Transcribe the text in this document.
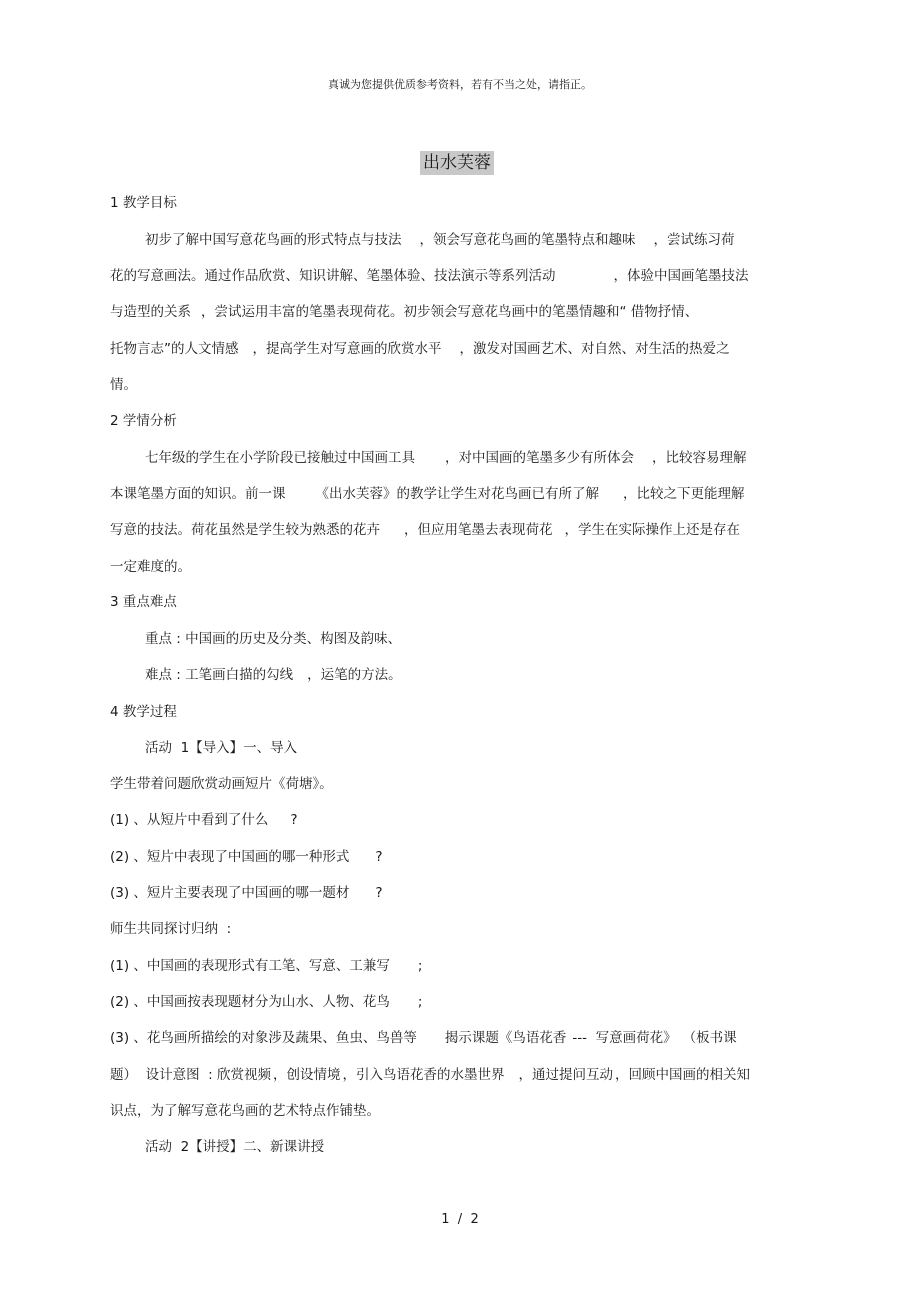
真诚为您提供优质参考资料，若有不当之处，请指正。
出水芙蓉
1 教学目标
初步了解中国写意花鸟画的形式特点与技法 ，领会写意花鸟画的笔墨特点和趣味 ，尝试练习荷
花的写意画法。通过作品欣赏、知识讲解、笔墨体验、技法演示等系列活动	，体验中国画笔墨技法
与造型的关系 ，尝试运用丰富的笔墨表现荷花。初步领会写意花鸟画中的笔墨情趣和“ 借物抒情、
托物言志”的人文情感 ，提高学生对写意画的欣赏水平 ，激发对国画艺术、对自然、对生活的热爱之
情。
2 学情分析
七年级的学生在小学阶段已接触过中国画工具 ，对中国画的笔墨多少有所体会 ，比较容易理解
本课笔墨方面的知识。前一课 《出水芙蓉》的教学让学生对花鸟画已有所了解 ，比较之下更能理解
写意的技法。荷花虽然是学生较为熟悉的花卉 ，但应用笔墨去表现荷花 ，学生在实际操作上还是存在
一定难度的。
3 重点难点
重点 : 中国画的历史及分类、构图及韵味、
难点 : 工笔画白描的勾线 ，运笔的方法。
4 教学过程
活动  1【导入】一、导入
学生带着问题欣赏动画短片《荷塘》。
(1) 、从短片中看到了什么 ?
(2) 、短片中表现了中国画的哪一种形式 ?
(3) 、短片主要表现了中国画的哪一题材 ?
师生共同探讨归纳  :
(1) 、中国画的表现形式有工笔、写意、工兼写 ;
(2) 、中国画按表现题材分为山水、人物、花鸟 ;
(3) 、花鸟画所描绘的对象涉及蔬果、鱼虫、鸟兽等 揭示课题《鸟语花香 ---  写意画荷花》 （板书课
题）  设计意图  : 欣赏视频 ，创设情境 ，引入鸟语花香的水墨世界 ，通过提问互动 ，回顾中国画的相关知
识点，为了解写意花鸟画的艺术特点作铺垫。
活动  2【讲授】二、新课讲授
1  /  2
